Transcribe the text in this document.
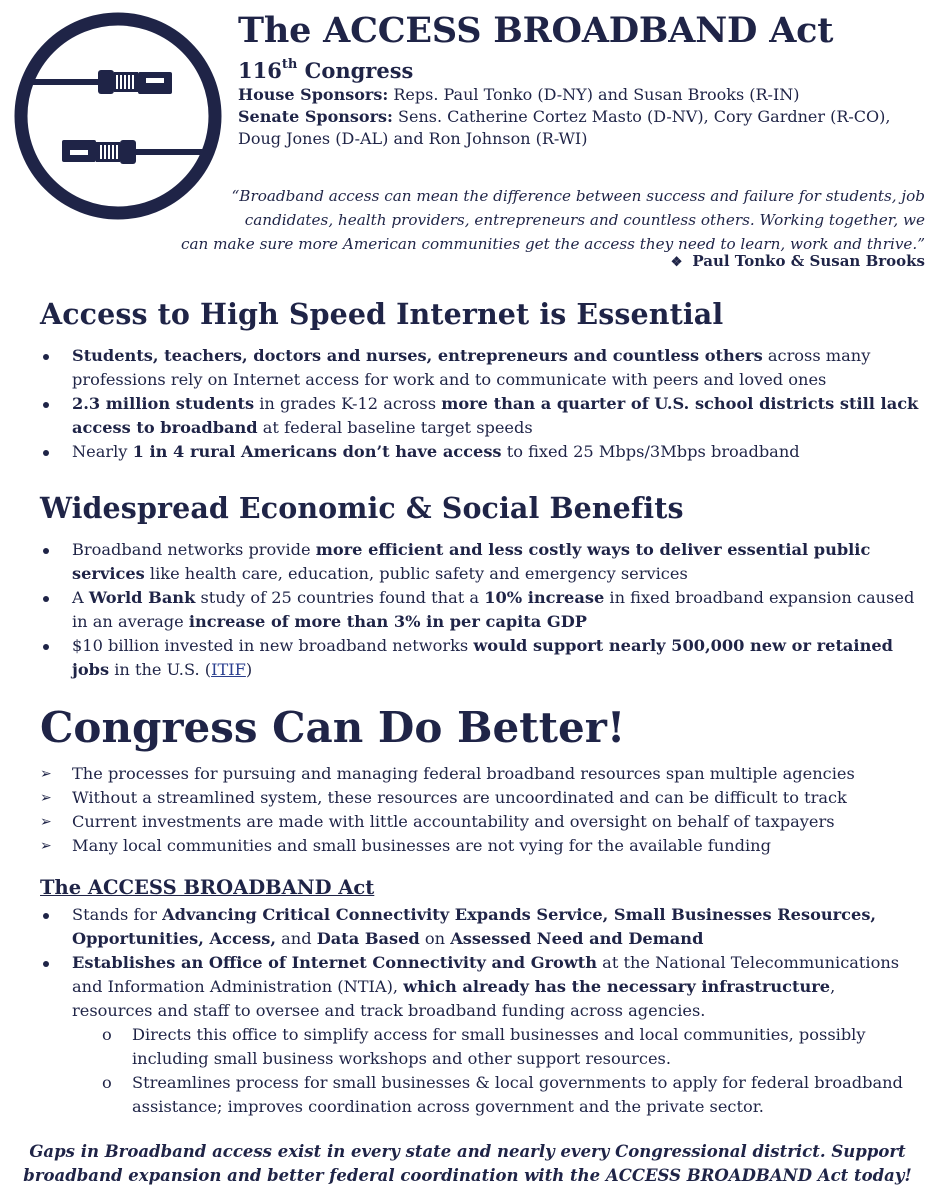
The ACCESS BROADBAND Act
116th Congress
House Sponsors: Reps. Paul Tonko (D-NY) and Susan Brooks (R-IN)
Senate Sponsors: Sens. Catherine Cortez Masto (D-NV), Cory Gardner (R-CO), Doug Jones (D-AL) and Ron Johnson (R-WI)
“Broadband access can mean the difference between success and failure for students, job
candidates, health providers, entrepreneurs and countless others. Working together, we
can make sure more American communities get the access they need to learn, work and thrive.”
❖ Paul Tonko & Susan Brooks
Access to High Speed Internet is Essential
Students, teachers, doctors and nurses, entrepreneurs and countless others across many professions rely on Internet access for work and to communicate with peers and loved ones
2.3 million students in grades K-12 across more than a quarter of U.S. school districts still lack access to broadband at federal baseline target speeds
Nearly 1 in 4 rural Americans don’t have access to fixed 25 Mbps/3Mbps broadband
Widespread Economic & Social Benefits
Broadband networks provide more efficient and less costly ways to deliver essential public services like health care, education, public safety and emergency services
A World Bank study of 25 countries found that a 10% increase in fixed broadband expansion caused in an average increase of more than 3% in per capita GDP
$10 billion invested in new broadband networks would support nearly 500,000 new or retained jobs in the U.S. (ITIF)
Congress Can Do Better!
➢	The processes for pursuing and managing federal broadband resources span multiple agencies
➢	Without a streamlined system, these resources are uncoordinated and can be difficult to track
➢	Current investments are made with little accountability and oversight on behalf of taxpayers
➢	Many local communities and small businesses are not vying for the available funding
The ACCESS BROADBAND Act
Stands for Advancing Critical Connectivity Expands Service, Small Businesses Resources, Opportunities, Access, and Data Based on Assessed Need and Demand
Establishes an Office of Internet Connectivity and Growth at the National Telecommunications and Information Administration (NTIA), which already has the necessary infrastructure, resources and staff to oversee and track broadband funding across agencies.
o	Directs this office to simplify access for small businesses and local communities, possibly including small business workshops and other support resources.
o	Streamlines process for small businesses & local governments to apply for federal broadband assistance; improves coordination across government and the private sector.
Gaps in Broadband access exist in every state and nearly every Congressional district. Support
broadband expansion and better federal coordination with the ACCESS BROADBAND Act today!
